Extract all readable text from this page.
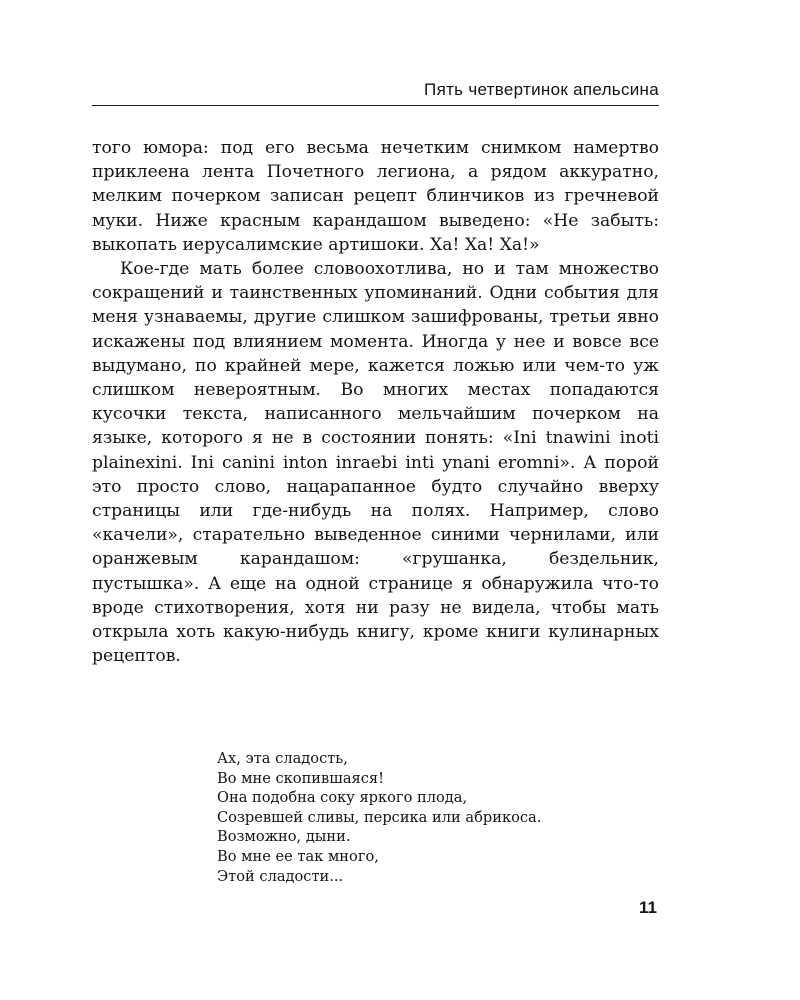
Пять четвертинок апельсина

того юмора: под его весьма нечетким снимком намертво приклеена лента Почетного легиона, а рядом аккуратно, мелким почерком записан рецепт блинчиков из гречневой муки. Ниже красным карандашом выведено: «Не забыть: выкопать иерусалимские артишоки. Ха! Ха! Ха!»

Кое-где мать более словоохотлива, но и там множество сокращений и таинственных упоминаний. Одни события для меня узнаваемы, другие слишком зашифрованы, третьи явно искажены под влиянием момента. Иногда у нее и вовсе все выдумано, по крайней мере, кажется ложью или чем-то уж слишком невероятным. Во многих местах попадаются кусочки текста, написанного мельчайшим почерком на языке, которого я не в состоянии понять: «Ini tnawini inoti plainexini. Ini canini inton inraebi inti ynani eromni». А порой это просто слово, нацарапанное будто случайно вверху страницы или где-нибудь на полях. Например, слово «качели», старательно выведенное синими чернилами, или оранжевым карандашом: «грушанка, бездельник, пустышка». А еще на одной странице я обнаружила что-то вроде стихотворения, хотя ни разу не видела, чтобы мать открыла хоть какую-нибудь книгу, кроме книги кулинарных рецептов.

Ах, эта сладость,
Во мне скопившаяся!
Она подобна соку яркого плода,
Созревшей сливы, персика или абрикоса.
Возможно, дыни.
Во мне ее так много,
Этой сладости...
11
